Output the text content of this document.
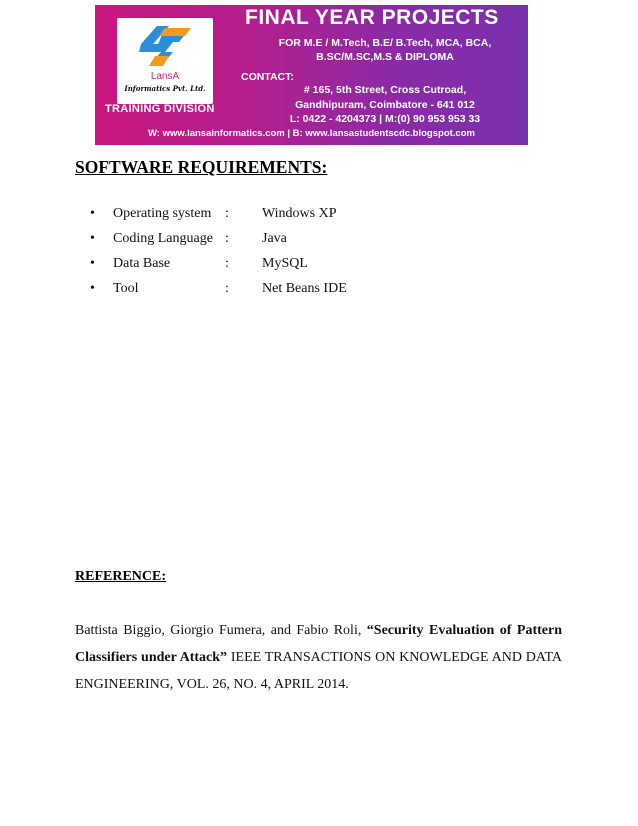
LansA
Informatics Pvt. Ltd.
TRAINING DIVISION
FINAL YEAR PROJECTS
FOR M.E / M.Tech, B.E/ B.Tech, MCA, BCA,
B.SC/M.SC,M.S & DIPLOMA
CONTACT:
# 165, 5th Street, Cross Cutroad,
Gandhipuram, Coimbatore - 641 012
L: 0422 - 4204373 | M:(0) 90 953 953 33
W: www.lansainformatics.com | B: www.lansastudentscdc.blogspot.com
SOFTWARE REQUIREMENTS:
• Operating system : Windows XP
• Coding Language : Java
• Data Base	: MySQL
• Tool	: Net Beans IDE
REFERENCE:
Battista Biggio, Giorgio Fumera, and Fabio Roli, “Security Evaluation of Pattern Classifiers under Attack” IEEE TRANSACTIONS ON KNOWLEDGE AND DATA ENGINEERING, VOL. 26, NO. 4, APRIL 2014.
